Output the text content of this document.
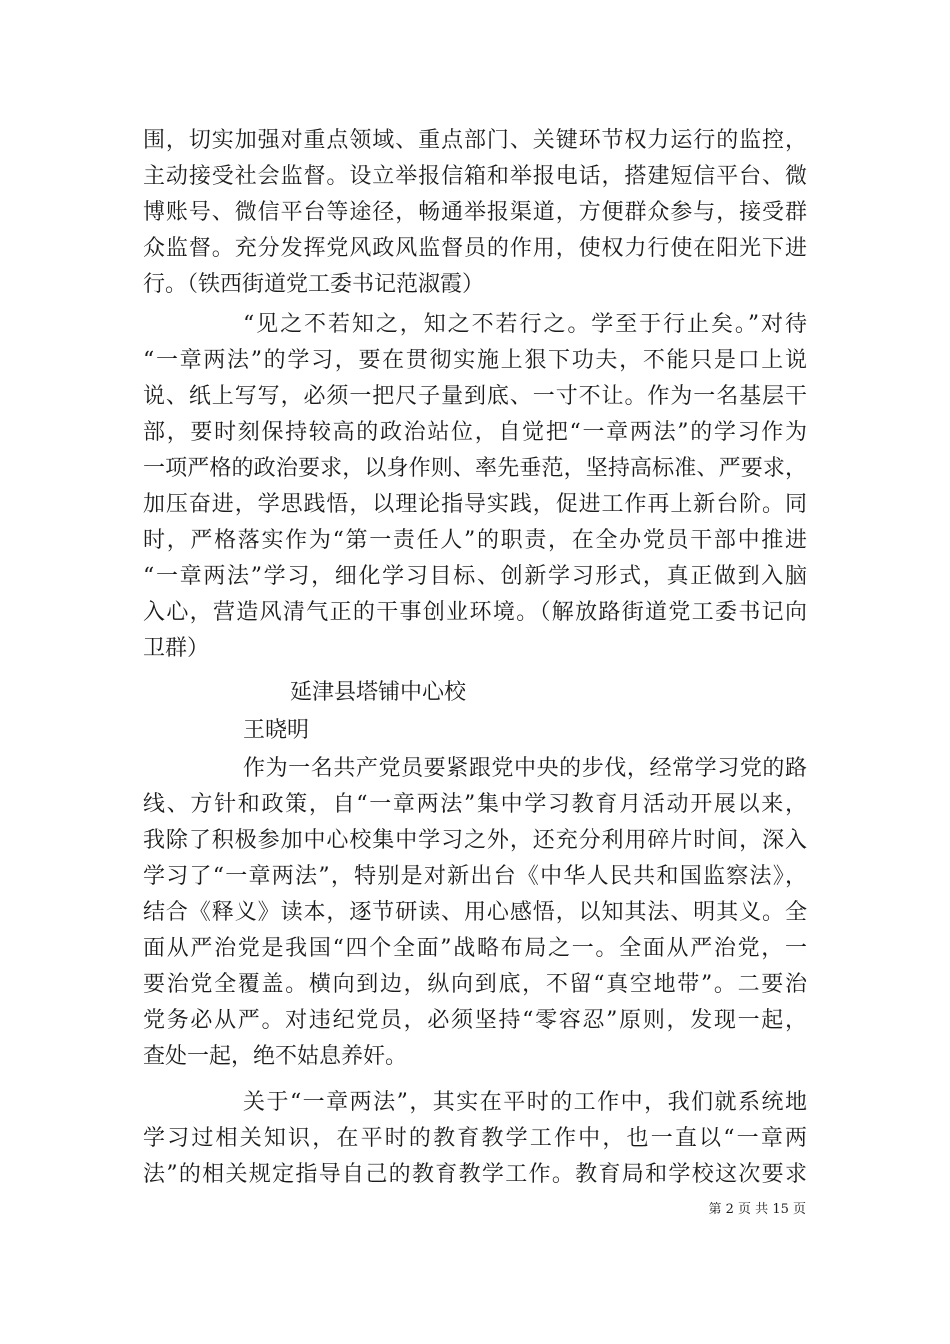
围，切实加强对重点领域、重点部门、关键环节权力运行的监控，
主动接受社会监督。设立举报信箱和举报电话，搭建短信平台、微
博账号、微信平台等途径，畅通举报渠道，方便群众参与，接受群
众监督。充分发挥党风政风监督员的作用，使权力行使在阳光下进
行。（铁西街道党工委书记范淑霞）
“见之不若知之，知之不若行之。学至于行止矣。”对待
“一章两法”的学习，要在贯彻实施上狠下功夫，不能只是口上说
说、纸上写写，必须一把尺子量到底、一寸不让。作为一名基层干
部，要时刻保持较高的政治站位，自觉把“一章两法”的学习作为
一项严格的政治要求，以身作则、率先垂范，坚持高标准、严要求，
加压奋进，学思践悟，以理论指导实践，促进工作再上新台阶。同
时，严格落实作为“第一责任人”的职责，在全办党员干部中推进
“一章两法”学习，细化学习目标、创新学习形式，真正做到入脑
入心，营造风清气正的干事创业环境。（解放路街道党工委书记向
卫群）
延津县塔铺中心校
王晓明
作为一名共产党员要紧跟党中央的步伐，经常学习党的路
线、方针和政策，自“一章两法”集中学习教育月活动开展以来，
我除了积极参加中心校集中学习之外，还充分利用碎片时间，深入
学习了“一章两法”，特别是对新出台《中华人民共和国监察法》，
结合《释义》读本，逐节研读、用心感悟，以知其法、明其义。全
面从严治党是我国“四个全面”战略布局之一。全面从严治党，一
要治党全覆盖。横向到边，纵向到底，不留“真空地带”。二要治
党务必从严。对违纪党员，必须坚持“零容忍”原则，发现一起，
查处一起，绝不姑息养奸。
关于“一章两法”，其实在平时的工作中，我们就系统地
学习过相关知识，在平时的教育教学工作中，也一直以“一章两
法”的相关规定指导自己的教育教学工作。教育局和学校这次要求
第 2 页 共 15 页
